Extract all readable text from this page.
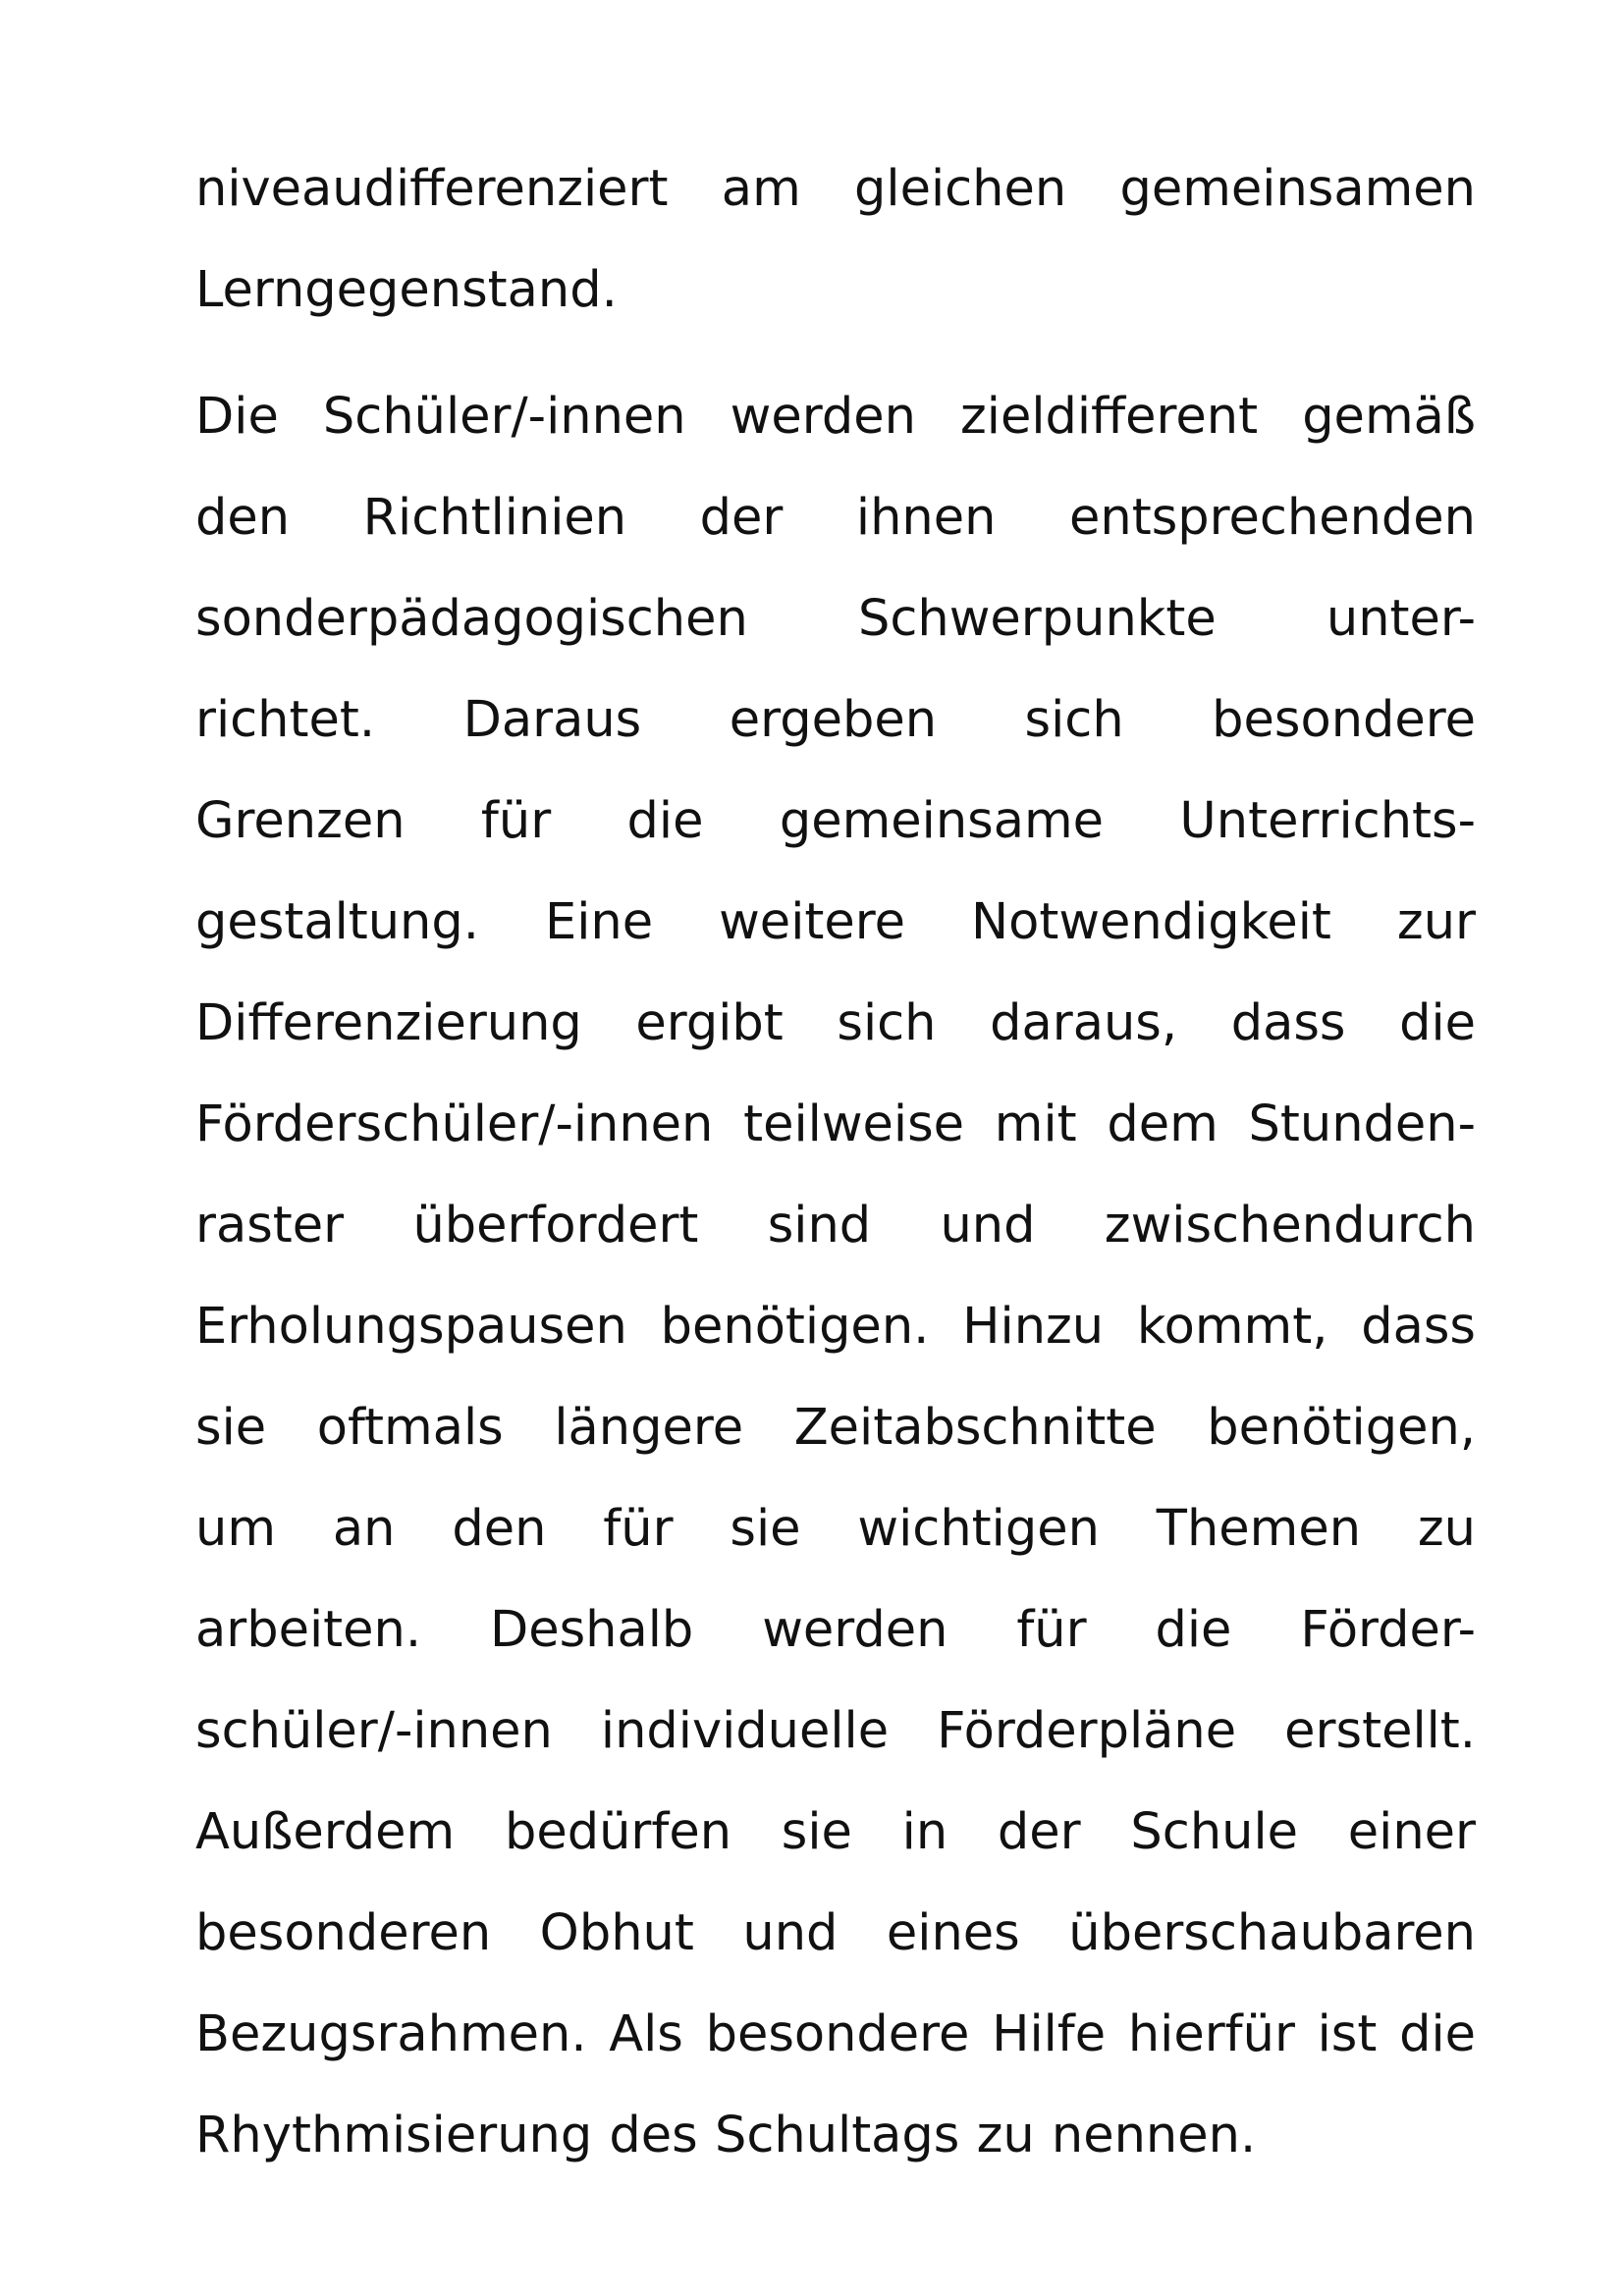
niveaudifferenziert am gleichen gemeinsamen
Lerngegenstand.

Die Schüler/-innen werden zieldifferent gemäß
den Richtlinien der ihnen entsprechenden
sonderpädagogischen Schwerpunkte unter-
richtet. Daraus ergeben sich besondere
Grenzen für die gemeinsame Unterrichts-
gestaltung. Eine weitere Notwendigkeit zur
Differenzierung ergibt sich daraus, dass die
Förderschüler/-innen teilweise mit dem Stunden-
raster überfordert sind und zwischendurch
Erholungspausen benötigen. Hinzu kommt, dass
sie oftmals längere Zeitabschnitte benötigen,
um an den für sie wichtigen Themen zu
arbeiten. Deshalb werden für die Förder-
schüler/-innen individuelle Förderpläne erstellt.
Außerdem bedürfen sie in der Schule einer
besonderen Obhut und eines überschaubaren
Bezugsrahmen. Als besondere Hilfe hierfür ist die
Rhythmisierung des Schultags zu nennen.
